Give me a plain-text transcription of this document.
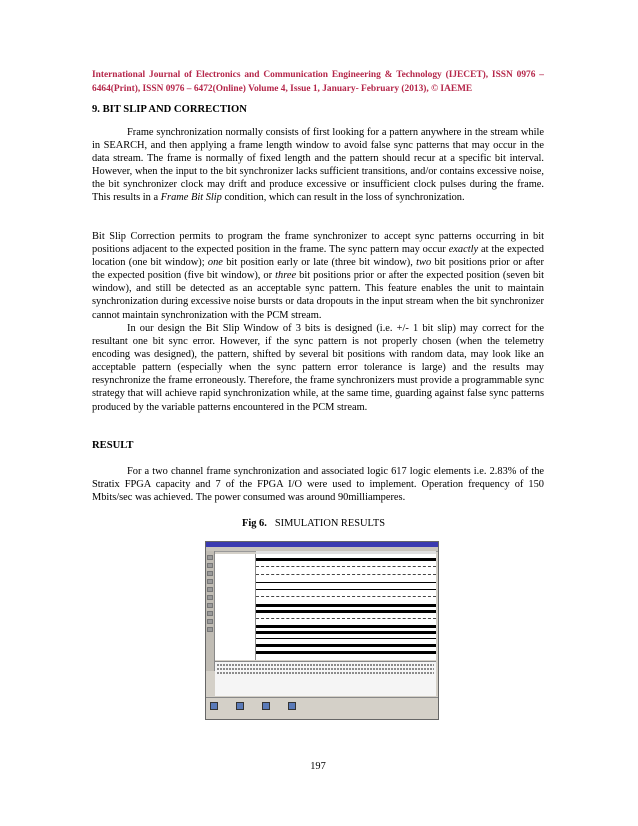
International Journal of Electronics and Communication Engineering & Technology (IJECET), ISSN 0976 – 6464(Print), ISSN 0976 – 6472(Online) Volume 4, Issue 1, January- February (2013), © IAEME
9. BIT SLIP AND CORRECTION

Frame synchronization normally consists of first looking for a pattern anywhere in the stream while in SEARCH, and then applying a frame length window to avoid false sync patterns that may occur in the data stream. The frame is normally of fixed length and the pattern should recur at a specific bit interval. However, when the input to the bit synchronizer lacks sufficient transitions, and/or contains excessive noise, the bit synchronizer clock may drift and produce excessive or insufficient clock pulses during the frame. This results in a Frame Bit Slip condition, which can result in the loss of synchronization.

Bit Slip Correction permits to program the frame synchronizer to accept sync patterns occurring in bit positions adjacent to the expected position in the frame. The sync pattern may occur exactly at the expected location (one bit window); one bit position early or late (three bit window), two bit positions prior or after the expected position (five bit window), or three bit positions prior or after the expected position (seven bit window), and still be detected as an acceptable sync pattern. This feature enables the unit to maintain synchronization during excessive noise bursts or data dropouts in the input stream when the bit synchronizer cannot maintain synchronization with the PCM stream.

In our design the Bit Slip Window of 3 bits is designed (i.e. +/- 1 bit slip) may correct for the resultant one bit sync error. However, if the sync pattern is not properly chosen (when the telemetry encoding was designed), the pattern, shifted by several bit positions with random data, may look like an acceptable pattern (especially when the sync pattern error tolerance is large) and the results may resynchronize the frame erroneously. Therefore, the frame synchronizers must provide a programmable sync strategy that will achieve rapid synchronization while, at the same time, guarding against false sync patterns produced by the variable patterns encountered in the PCM stream.

RESULT

For a two channel frame synchronization and associated logic 617 logic elements i.e. 2.83% of the Stratix FPGA capacity and 7 of the FPGA I/O were used to implement. Operation frequency of 150 Mbits/sec was achieved. The power consumed was around 90milliamperes.

Fig 6. SIMULATION RESULTS
197
